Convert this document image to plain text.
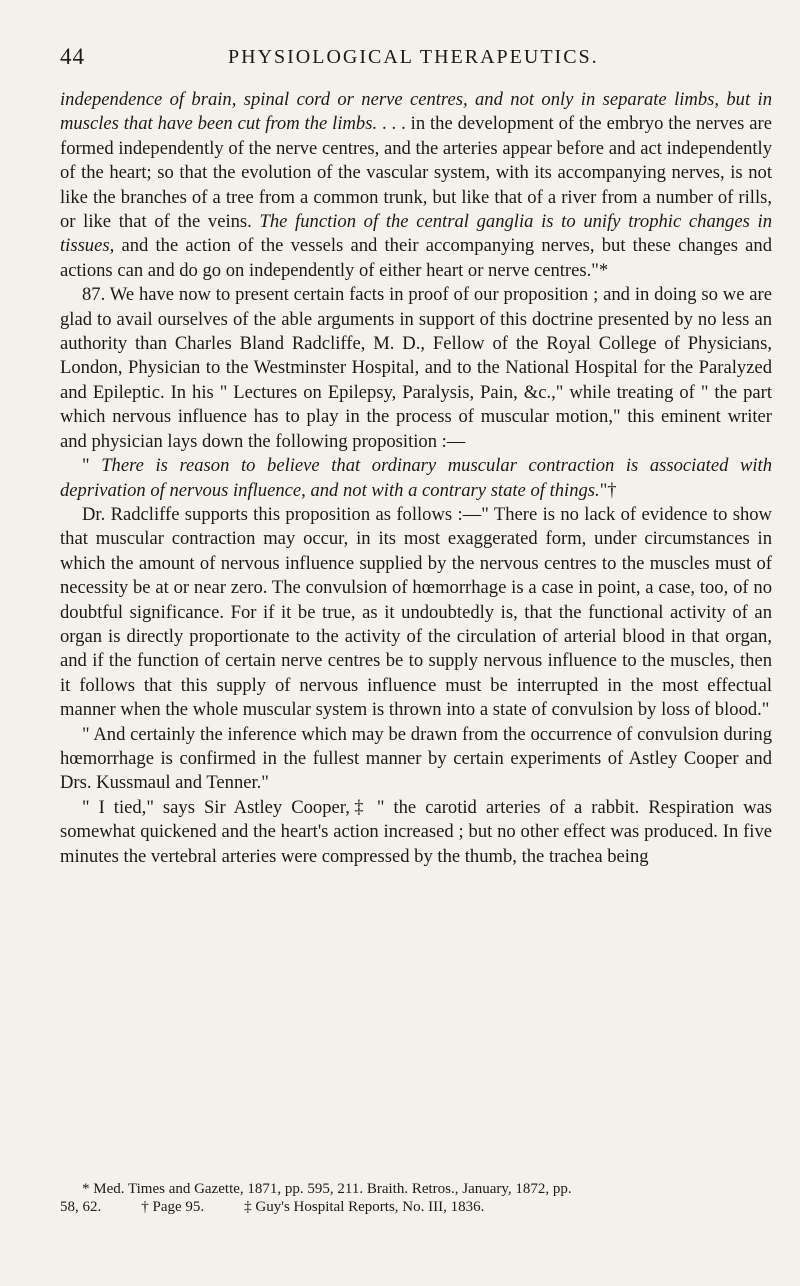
44	PHYSIOLOGICAL THERAPEUTICS.

independence of brain, spinal cord or nerve centres, and not only in separate limbs, but in muscles that have been cut from the limbs. . . . in the development of the embryo the nerves are formed independently of the nerve centres, and the arteries appear before and act independently of the heart; so that the evolution of the vascular system, with its accompanying nerves, is not like the branches of a tree from a common trunk, but like that of a river from a number of rills, or like that of the veins. The function of the central ganglia is to unify trophic changes in tissues, and the action of the vessels and their accompanying nerves, but these changes and actions can and do go on independently of either heart or nerve centres."*

87. We have now to present certain facts in proof of our proposition ; and in doing so we are glad to avail ourselves of the able arguments in support of this doctrine presented by no less an authority than Charles Bland Radcliffe, M. D., Fellow of the Royal College of Physicians, London, Physician to the Westminster Hospital, and to the National Hospital for the Paralyzed and Epileptic. In his " Lectures on Epilepsy, Paralysis, Pain, &c.," while treating of " the part which nervous influence has to play in the process of muscular motion," this eminent writer and physician lays down the following proposition :—

" There is reason to believe that ordinary muscular contraction is associated with deprivation of nervous influence, and not with a contrary state of things."†

Dr. Radcliffe supports this proposition as follows :—" There is no lack of evidence to show that muscular contraction may occur, in its most exaggerated form, under circumstances in which the amount of nervous influence supplied by the nervous centres to the muscles must of necessity be at or near zero. The convulsion of hœmorrhage is a case in point, a case, too, of no doubtful significance. For if it be true, as it undoubtedly is, that the functional activity of an organ is directly proportionate to the activity of the circulation of arterial blood in that organ, and if the function of certain nerve centres be to supply nervous influence to the muscles, then it follows that this supply of nervous influence must be interrupted in the most effectual manner when the whole muscular system is thrown into a state of convulsion by loss of blood."

" And certainly the inference which may be drawn from the occurrence of convulsion during hœmorrhage is confirmed in the fullest manner by certain experiments of Astley Cooper and Drs. Kussmaul and Tenner."

" I tied," says Sir Astley Cooper,‡ " the carotid arteries of a rabbit. Respiration was somewhat quickened and the heart's action increased ; but no other effect was produced. In five minutes the vertebral arteries were compressed by the thumb, the trachea being

* Med. Times and Gazette, 1871, pp. 595, 211. Braith. Retros., January, 1872, pp.

58, 62.	† Page 95.	‡ Guy's Hospital Reports, No. III, 1836.
